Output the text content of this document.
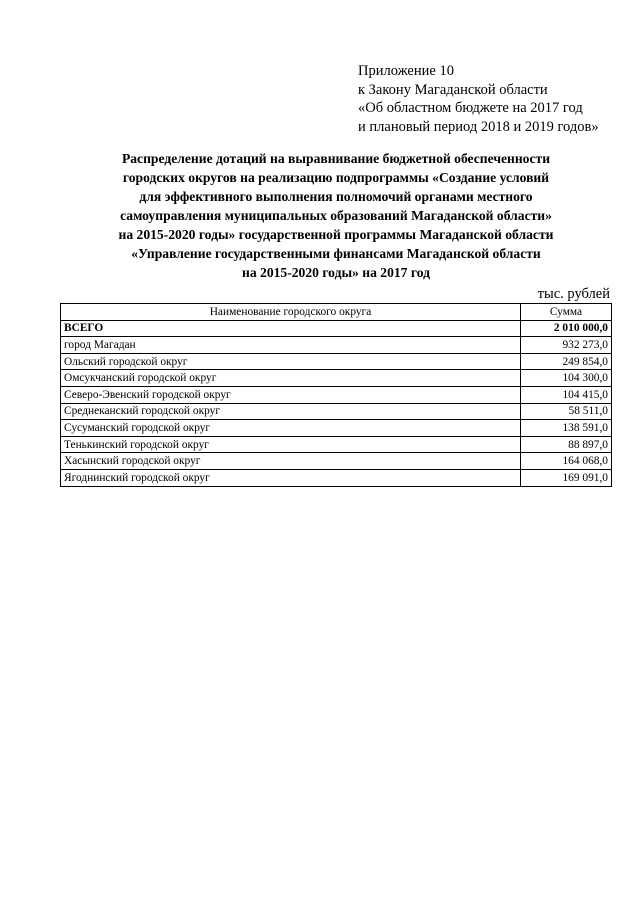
Приложение 10
к Закону Магаданской области
«Об областном бюджете на 2017 год
и плановый период 2018 и 2019 годов»
Распределение дотаций на выравнивание бюджетной обеспеченности
городских округов на реализацию подпрограммы «Создание условий
для эффективного выполнения полномочий органами местного
самоуправления муниципальных образований Магаданской области»
на 2015-2020 годы» государственной программы Магаданской области
«Управление государственными финансами Магаданской области
на 2015-2020 годы» на 2017 год
тыс. рублей
Наименование городского округа	Сумма
ВСЕГО	2 010 000,0
город Магадан	932 273,0
Ольский городской округ	249 854,0
Омсукчанский городской округ	104 300,0
Северо-Эвенский городской округ	104 415,0
Среднеканский городской округ	58 511,0
Сусуманский городской округ	138 591,0
Тенькинский городской округ	88 897,0
Хасынский городской округ	164 068,0
Ягоднинский городской округ	169 091,0
